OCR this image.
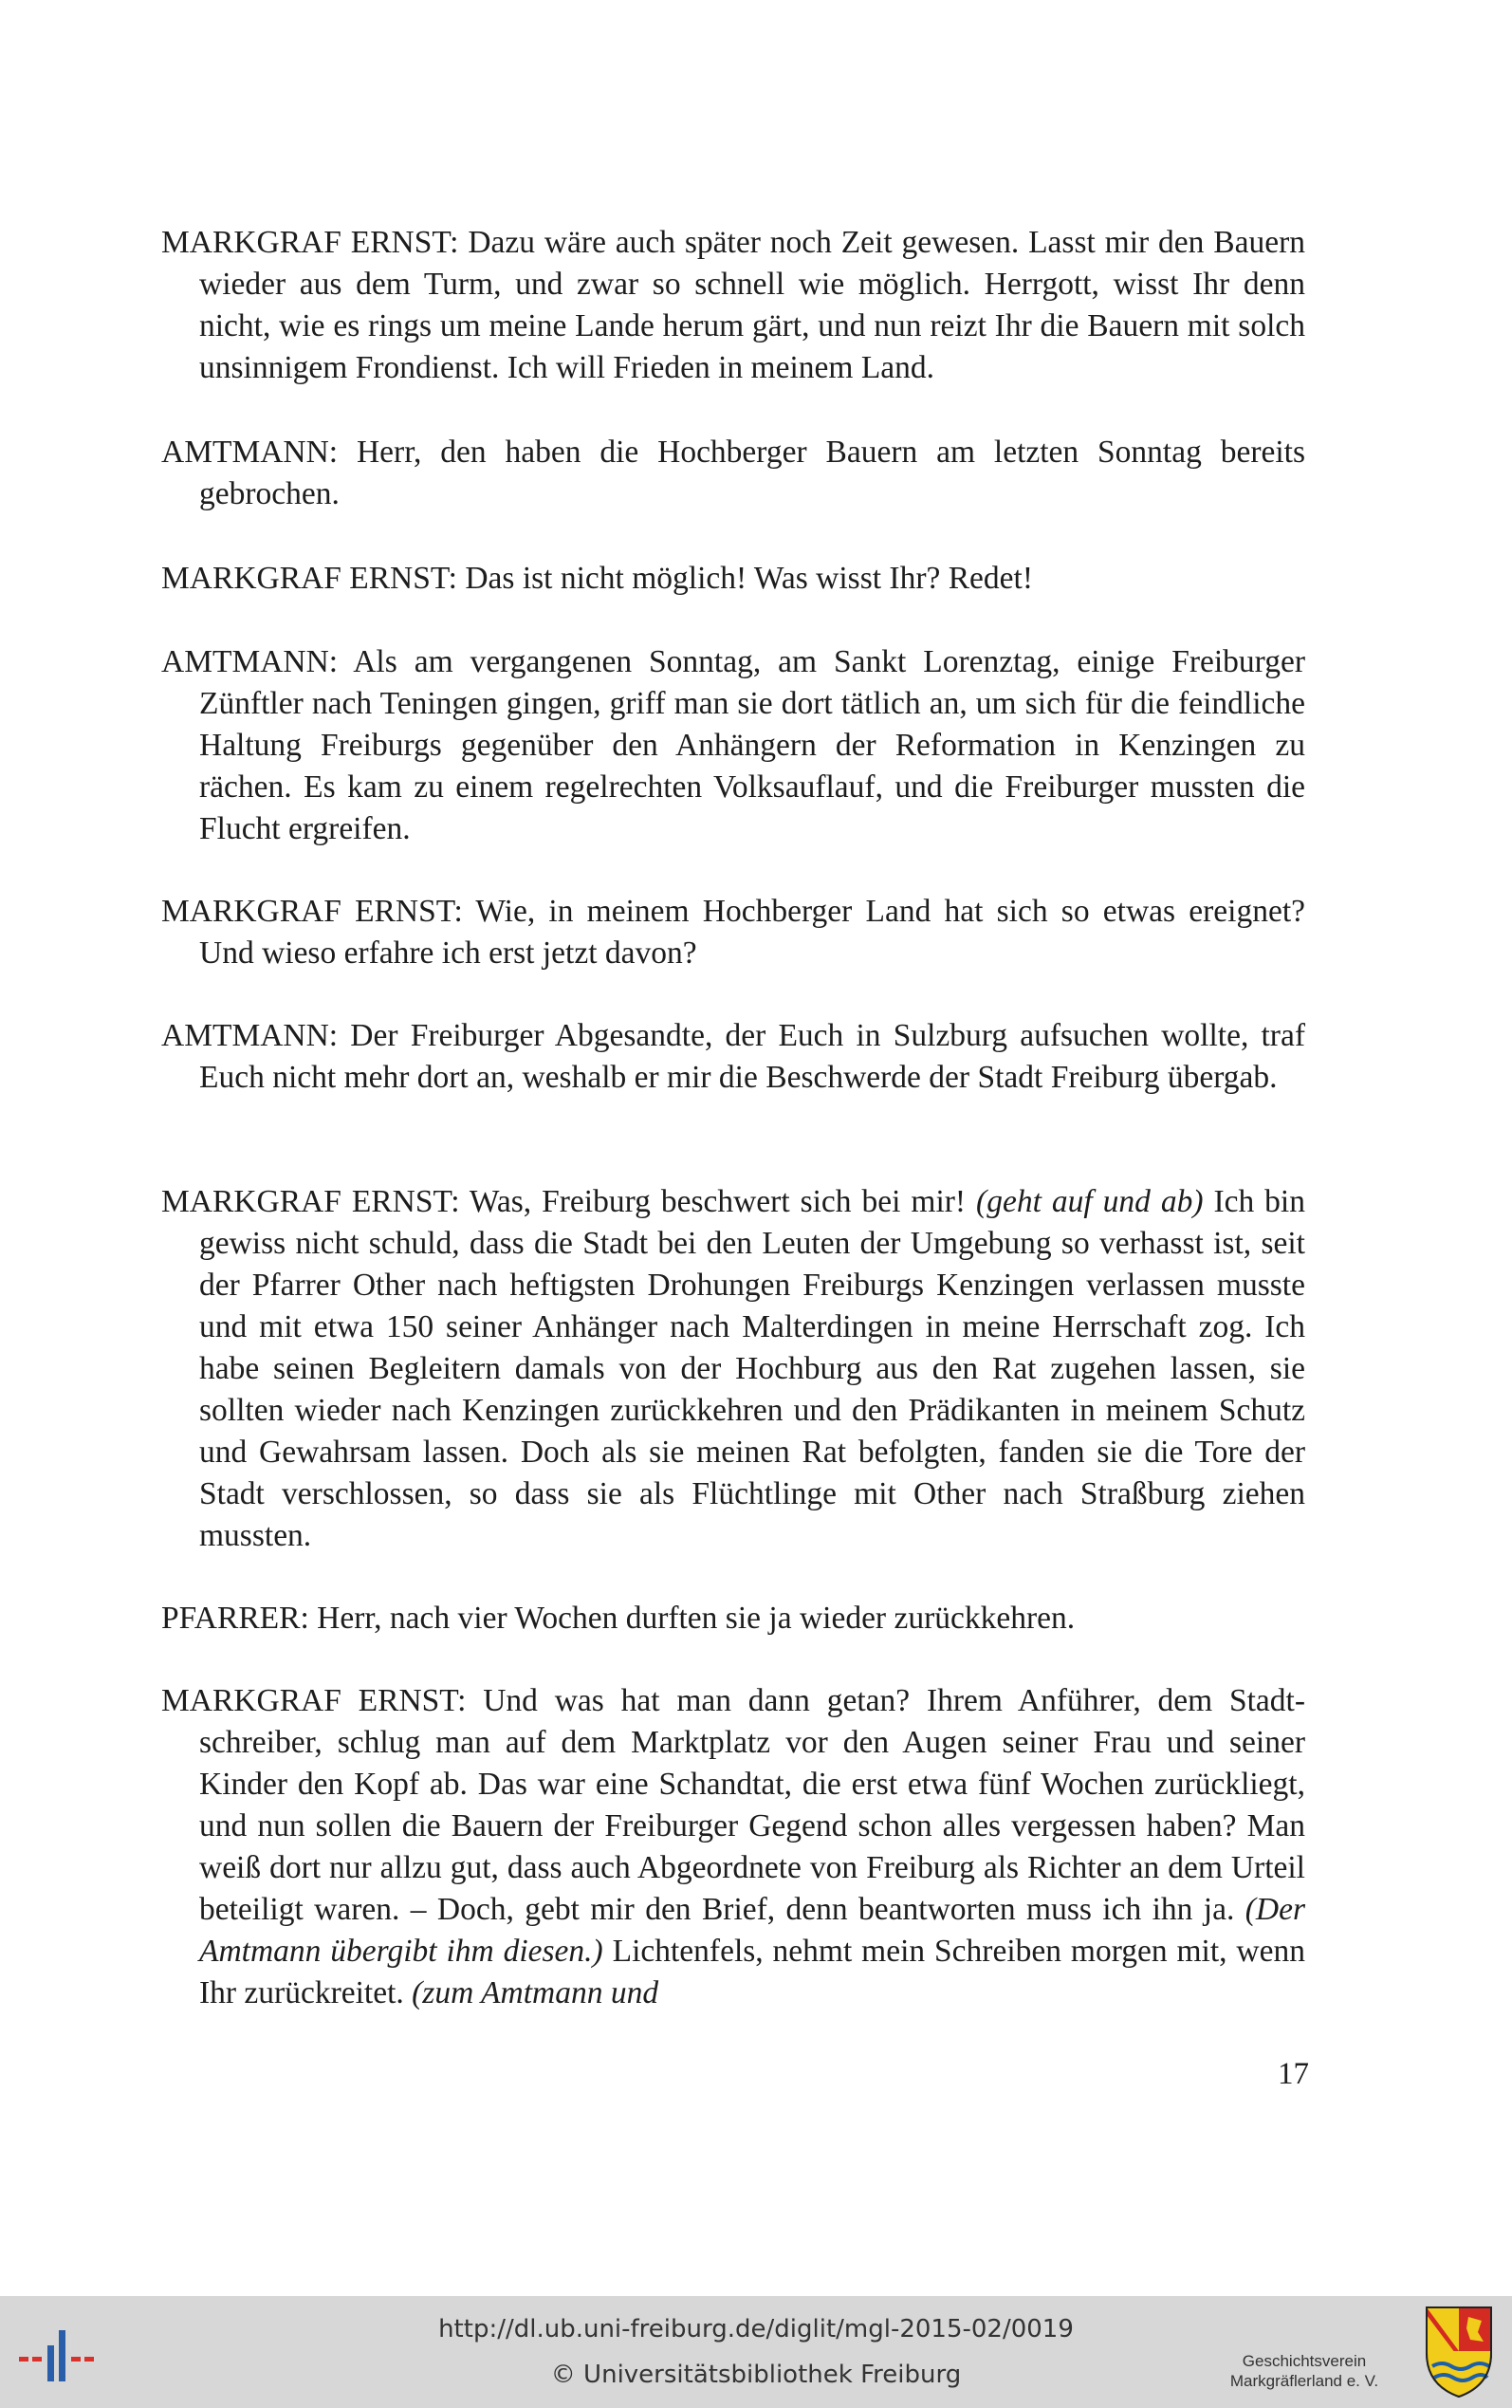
MARKGRAF ERNST: Dazu wäre auch später noch Zeit gewesen. Lasst mir den Bauern wieder aus dem Turm, und zwar so schnell wie möglich. Herrgott, wisst Ihr denn nicht, wie es rings um meine Lande herum gärt, und nun reizt Ihr die Bauern mit solch unsinnigem Frondienst. Ich will Frieden in meinem Land.

AMTMANN: Herr, den haben die Hochberger Bauern am letzten Sonntag bereits gebrochen.

MARKGRAF ERNST: Das ist nicht möglich! Was wisst Ihr? Redet!

AMTMANN: Als am vergangenen Sonntag, am Sankt Lorenztag, einige Freiburger Zünftler nach Teningen gingen, griff man sie dort tätlich an, um sich für die feindliche Haltung Freiburgs gegenüber den Anhängern der Reformation in Kenzingen zu rächen. Es kam zu einem regelrechten Volksauflauf, und die Freiburger mussten die Flucht ergreifen.

MARKGRAF ERNST: Wie, in meinem Hochberger Land hat sich so etwas ereignet? Und wieso erfahre ich erst jetzt davon?

AMTMANN: Der Freiburger Abgesandte, der Euch in Sulzburg aufsuchen wollte, traf Euch nicht mehr dort an, weshalb er mir die Beschwerde der Stadt Freiburg übergab.

MARKGRAF ERNST: Was, Freiburg beschwert sich bei mir! (geht auf und ab) Ich bin gewiss nicht schuld, dass die Stadt bei den Leuten der Umgebung so verhasst ist, seit der Pfarrer Other nach heftigsten Drohungen Freiburgs Kenzingen verlassen musste und mit etwa 150 seiner Anhänger nach Malterdingen in meine Herrschaft zog. Ich habe seinen Begleitern damals von der Hochburg aus den Rat zugehen lassen, sie sollten wieder nach Kenzingen zurückkehren und den Prädikanten in meinem Schutz und Gewahrsam lassen. Doch als sie meinen Rat befolgten, fanden sie die Tore der Stadt verschlossen, so dass sie als Flüchtlinge mit Other nach Straßburg ziehen mussten.

PFARRER: Herr, nach vier Wochen durften sie ja wieder zurückkehren.

MARKGRAF ERNST: Und was hat man dann getan? Ihrem Anführer, dem Stadtschreiber, schlug man auf dem Marktplatz vor den Augen seiner Frau und seiner Kinder den Kopf ab. Das war eine Schandtat, die erst etwa fünf Wochen zurückliegt, und nun sollen die Bauern der Freiburger Gegend schon alles vergessen haben? Man weiß dort nur allzu gut, dass auch Abgeordnete von Freiburg als Richter an dem Urteil beteiligt waren. – Doch, gebt mir den Brief, denn beantworten muss ich ihn ja. (Der Amtmann übergibt ihm diesen.) Lichtenfels, nehmt mein Schreiben morgen mit, wenn Ihr zurückreitet. (zum Amtmann und

17
http://dl.ub.uni-freiburg.de/diglit/mgl-2015-02/0019
© Universitätsbibliothek Freiburg	Geschichtsverein
Markgräflerland e. V.
